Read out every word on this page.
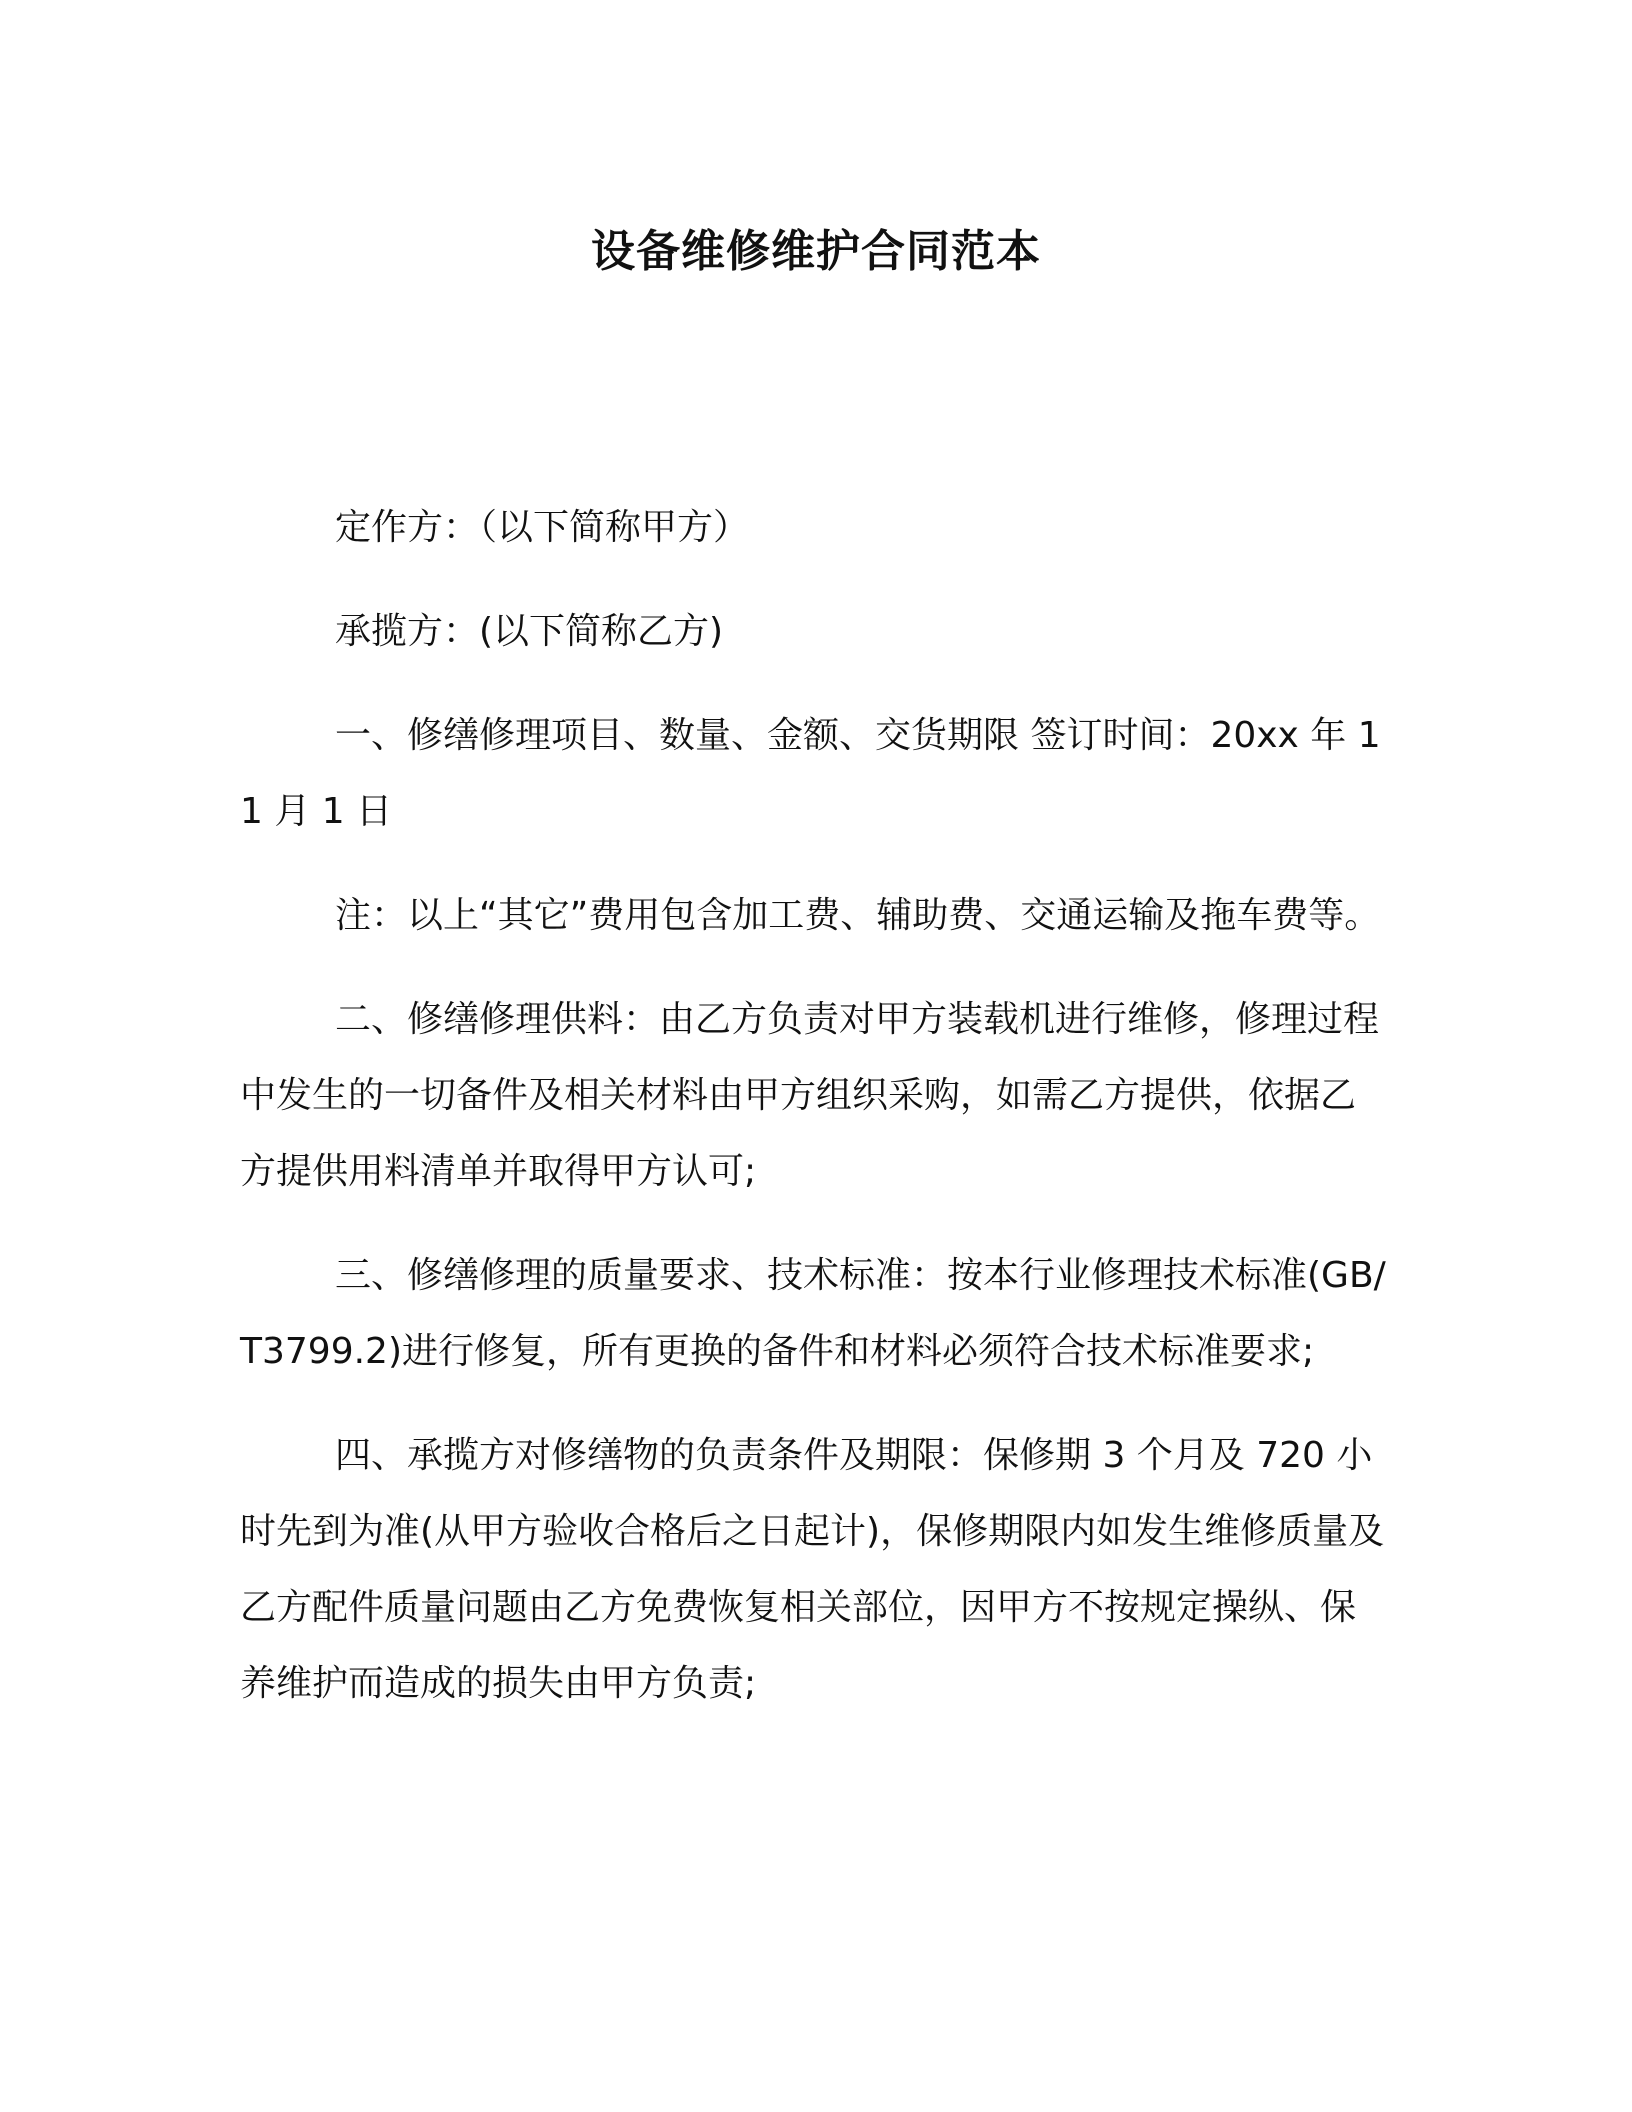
设备维修维护合同范本

定作方：（以下简称甲方）

承揽方：(以下简称乙方)

一、修缮修理项目、数量、金额、交货期限 签订时间：20xx 年 11 月 1 日

注：以上“其它”费用包含加工费、辅助费、交通运输及拖车费等。

二、修缮修理供料：由乙方负责对甲方装载机进行维修，修理过程中发生的一切备件及相关材料由甲方组织采购，如需乙方提供，依据乙方提供用料清单并取得甲方认可;

三、修缮修理的质量要求、技术标准：按本行业修理技术标准(GB/T3799.2)进行修复，所有更换的备件和材料必须符合技术标准要求;

四、承揽方对修缮物的负责条件及期限：保修期 3 个月及 720 小时先到为准(从甲方验收合格后之日起计)，保修期限内如发生维修质量及乙方配件质量问题由乙方免费恢复相关部位，因甲方不按规定操纵、保养维护而造成的损失由甲方负责;
